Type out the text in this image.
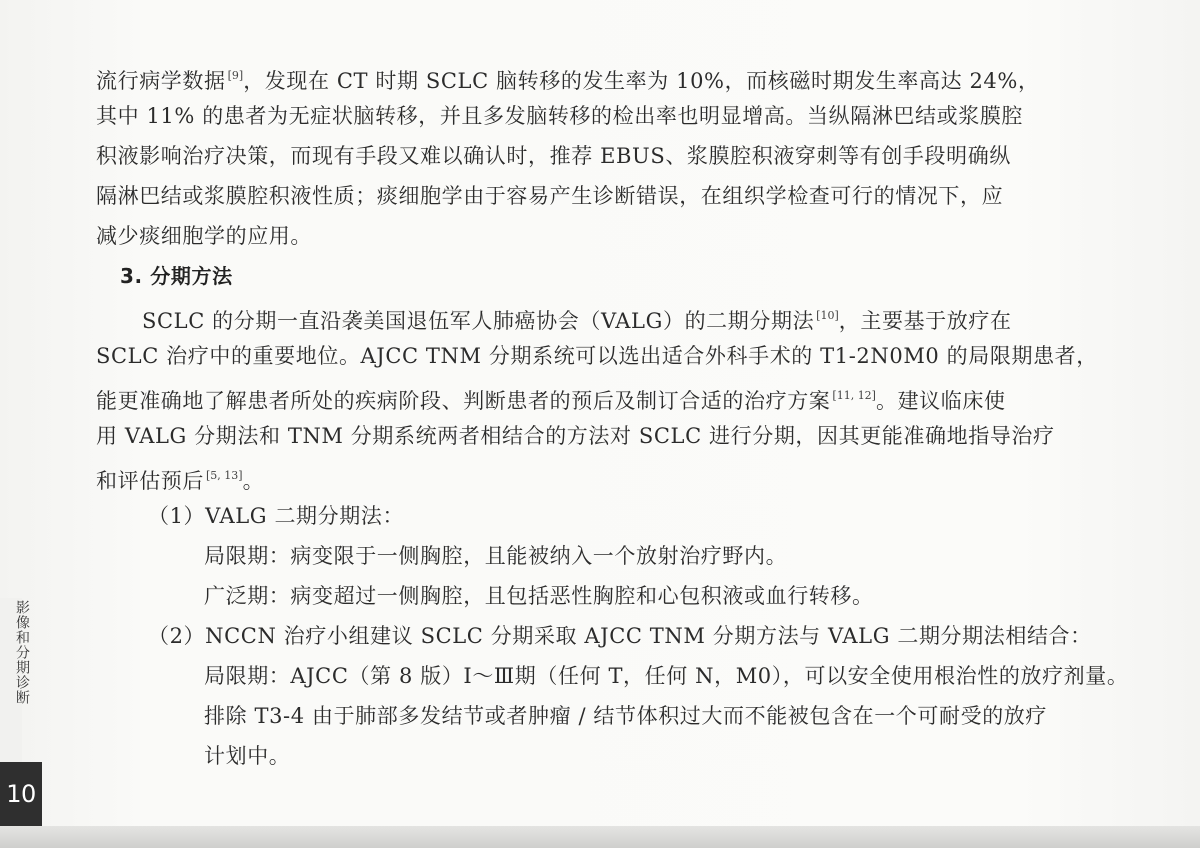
流行病学数据 [9]，发现在 CT 时期 SCLC 脑转移的发生率为 10%，而核磁时期发生率高达 24%，
其中 11% 的患者为无症状脑转移，并且多发脑转移的检出率也明显增高。当纵隔淋巴结或浆膜腔
积液影响治疗决策，而现有手段又难以确认时，推荐 EBUS、浆膜腔积液穿刺等有创手段明确纵
隔淋巴结或浆膜腔积液性质；痰细胞学由于容易产生诊断错误，在组织学检查可行的情况下，应
减少痰细胞学的应用。
3. 分期方法
SCLC 的分期一直沿袭美国退伍军人肺癌协会（VALG）的二期分期法 [10]，主要基于放疗在
SCLC 治疗中的重要地位。AJCC TNM 分期系统可以选出适合外科手术的 T1-2N0M0 的局限期患者，
能更准确地了解患者所处的疾病阶段、判断患者的预后及制订合适的治疗方案 [11, 12]。建议临床使
用 VALG 分期法和 TNM 分期系统两者相结合的方法对 SCLC 进行分期，因其更能准确地指导治疗
和评估预后 [5, 13]。
（1）VALG 二期分期法：
局限期：病变限于一侧胸腔，且能被纳入一个放射治疗野内。
广泛期：病变超过一侧胸腔，且包括恶性胸腔和心包积液或血行转移。
（2）NCCN 治疗小组建议 SCLC 分期采取 AJCC TNM 分期方法与 VALG 二期分期法相结合：
局限期：AJCC（第 8 版）Ⅰ～Ⅲ期（任何 T，任何 N，M0），可以安全使用根治性的放疗剂量。
排除 T3-4 由于肺部多发结节或者肿瘤 / 结节体积过大而不能被包含在一个可耐受的放疗
计划中。
影像和分期诊断
10
